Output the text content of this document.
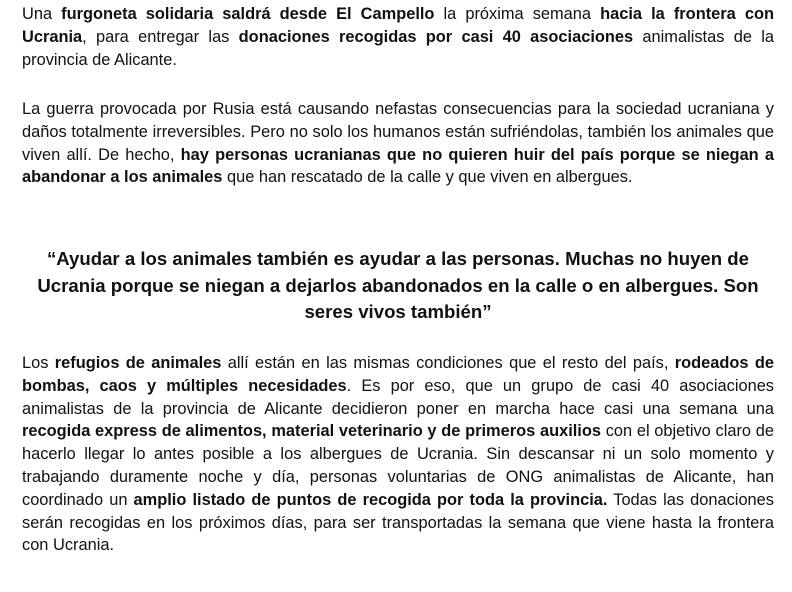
Una furgoneta solidaria saldrá desde El Campello la próxima semana hacia la frontera con Ucrania, para entregar las donaciones recogidas por casi 40 asociaciones animalistas de la provincia de Alicante.

La guerra provocada por Rusia está causando nefastas consecuencias para la sociedad ucraniana y daños totalmente irreversibles. Pero no solo los humanos están sufriéndolas, también los animales que viven allí. De hecho, hay personas ucranianas que no quieren huir del país porque se niegan a abandonar a los animales que han rescatado de la calle y que viven en albergues.

“Ayudar a los animales también es ayudar a las personas. Muchas no huyen de Ucrania porque se niegan a dejarlos abandonados en la calle o en albergues. Son seres vivos también”

Los refugios de animales allí están en las mismas condiciones que el resto del país, rodeados de bombas, caos y múltiples necesidades. Es por eso, que un grupo de casi 40 asociaciones animalistas de la provincia de Alicante decidieron poner en marcha hace casi una semana una recogida express de alimentos, material veterinario y de primeros auxilios con el objetivo claro de hacerlo llegar lo antes posible a los albergues de Ucrania. Sin descansar ni un solo momento y trabajando duramente noche y día, personas voluntarias de ONG animalistas de Alicante, han coordinado un amplio listado de puntos de recogida por toda la provincia. Todas las donaciones serán recogidas en los próximos días, para ser transportadas la semana que viene hasta la frontera con Ucrania.
